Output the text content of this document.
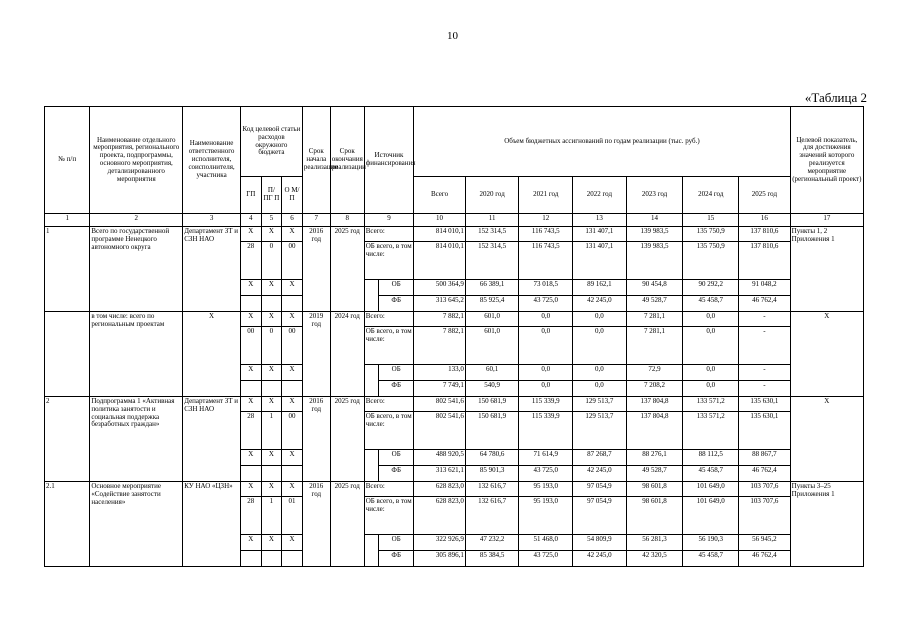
10
«Таблица 2
№ п/п	Наименование отдельного мероприятия, регионального проекта, подпрограммы, основного мероприятия, детализированного мероприятия	Наименование ответственного исполнителя, соисполнителя, участника	Код целевой статьи расходов окружного бюджета			Срок начала реализации	Срок окончания реализации	Источник финансирования		Объем бюджетных ассигнований по годам реализации (тыс. руб.)							Целевой показатель, для достижения значений которого реализуется мероприятие (региональный проект)
			ГП	П/ ПГ П	О М/ П					Всего	2020 год	2021 год	2022 год	2023 год	2024 год	2025 год	
1	2	3	4	5	6	7	8	9		10	11	12	13	14	15	16	17
1	Всего по государственной программе Ненецкого автономного округа	Департамент ЗТ и СЗН НАО	X	X	X	2016 год	2025 год	Всего:		814 010,1	152 314,5	116 743,5	131 407,1	139 983,5	135 750,9	137 810,6	Пункты 1, 2 Приложения 1
			28	0	00			ОБ всего, в том числе:		814 010,1	152 314,5	116 743,5	131 407,1	139 983,5	135 750,9	137 810,6	
			X	X	X				ОБ	500 364,9	66 389,1	73 018,5	89 162,1	90 454,8	90 292,2	91 048,2	
									ФБ	313 645,2	85 925,4	43 725,0	42 245,0	49 528,7	45 458,7	46 762,4	
	в том числе: всего по региональным проектам	X	X	X	X	2019 год	2024 год	Всего:		7 882,1	601,0	0,0	0,0	7 281,1	0,0	-	X
			00	0	00			ОБ всего, в том числе:		7 882,1	601,0	0,0	0,0	7 281,1	0,0	-	
			X	X	X				ОБ	133,0	60,1	0,0	0,0	72,9	0,0	-	
									ФБ	7 749,1	540,9	0,0	0,0	7 208,2	0,0	-	
2	Подпрограмма 1 «Активная политика занятости и социальная поддержка безработных граждан»	Департамент ЗТ и СЗН НАО	X	X	X	2016 год	2025 год	Всего:		802 541,6	150 681,9	115 339,9	129 513,7	137 804,8	133 571,2	135 630,1	X
			28	1	00			ОБ всего, в том числе:		802 541,6	150 681,9	115 339,9	129 513,7	137 804,8	133 571,2	135 630,1	
			X	X	X				ОБ	488 920,5	64 780,6	71 614,9	87 268,7	88 276,1	88 112,5	88 867,7	
									ФБ	313 621,1	85 901,3	43 725,0	42 245,0	49 528,7	45 458,7	46 762,4	
2.1	Основное мероприятие «Содействие занятости населения»	КУ НАО «ЦЗН»	X	X	X	2016 год	2025 год	Всего:		628 823,0	132 616,7	95 193,0	97 054,9	98 601,8	101 649,0	103 707,6	Пункты 3–25 Приложения 1
			28	1	01			ОБ всего, в том числе:		628 823,0	132 616,7	95 193,0	97 054,9	98 601,8	101 649,0	103 707,6	
			X	X	X				ОБ	322 926,9	47 232,2	51 468,0	54 809,9	56 281,3	56 190,3	56 945,2	
									ФБ	305 896,1	85 384,5	43 725,0	42 245,0	42 320,5	45 458,7	46 762,4	
